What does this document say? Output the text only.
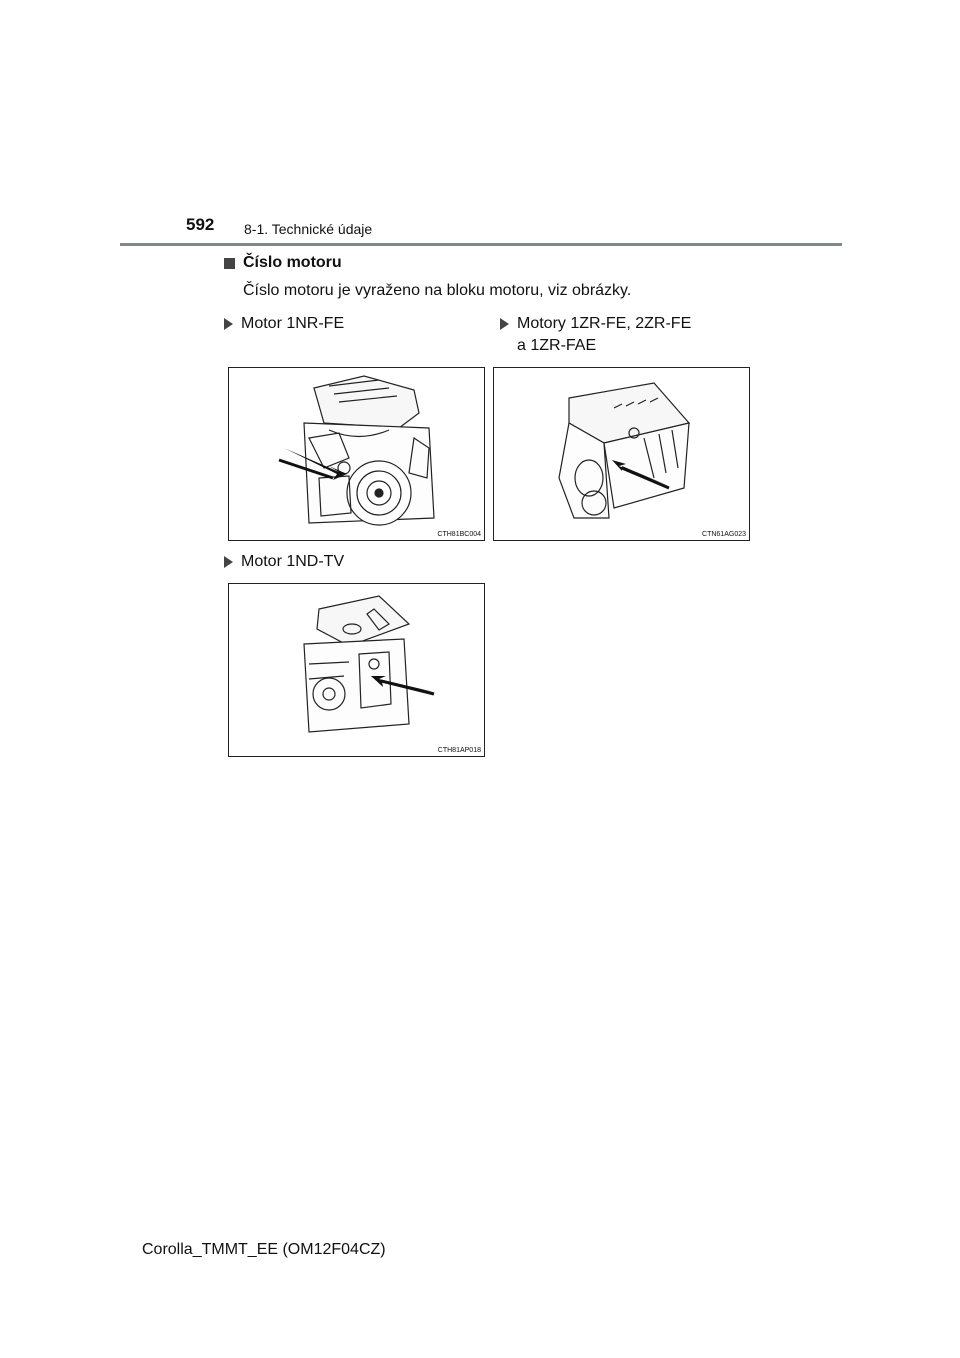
592 8-1. Technické údaje
Číslo motoru
Číslo motoru je vyraženo na bloku motoru, viz obrázky.
Motor 1NR-FE	Motory 1ZR-FE, 2ZR-FE
a 1ZR-FAE
CTH81BC004	CTN61AG023
Motor 1ND-TV
CTH81AP018
Corolla_TMMT_EE (OM12F04CZ)
